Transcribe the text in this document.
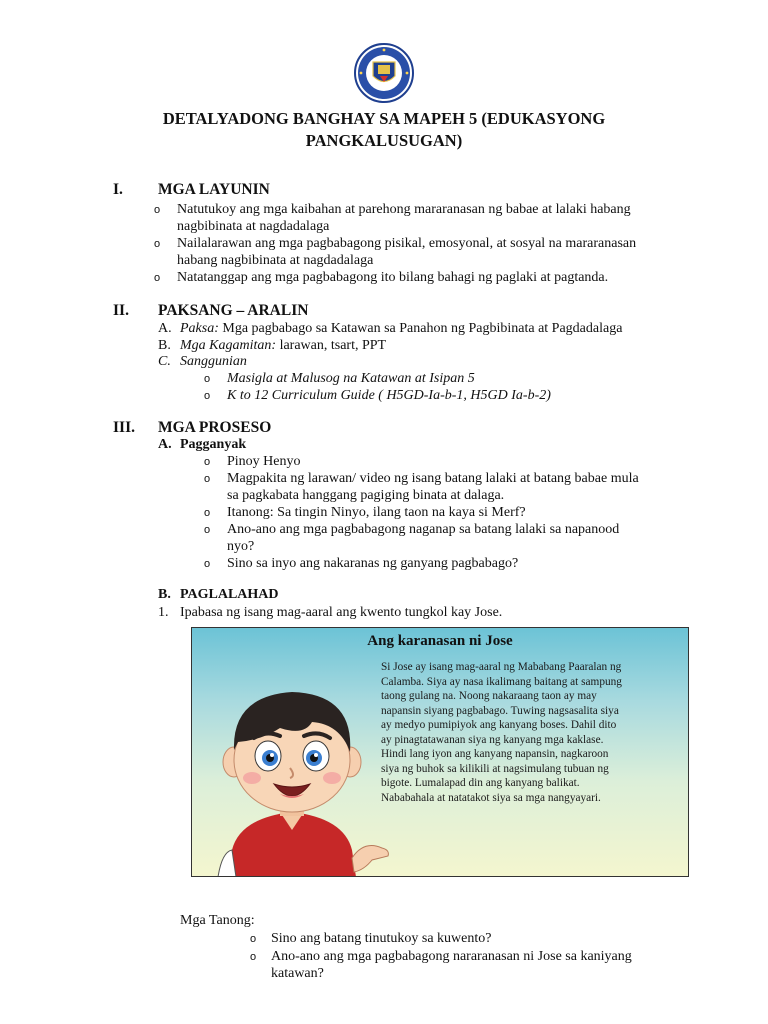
DETALYADONG BANGHAY SA MAPEH 5 (EDUKASYONG
PANGKALUSUGAN)
I. MGA LAYUNIN
o Natutukoy ang mga kaibahan at parehong mararanasan ng babae at lalaki habang
nagbibinata at nagdadalaga
o Nailalarawan ang mga pagbabagong pisikal, emosyonal, at sosyal na mararanasan
habang nagbibinata at nagdadalaga
o Natatanggap ang mga pagbabagong ito bilang bahagi ng paglaki at pagtanda.
II. PAKSANG – ARALIN
A. Paksa: Mga pagbabago sa Katawan sa Panahon ng Pagbibinata at Pagdadalaga
B. Mga Kagamitan: larawan, tsart, PPT
C. Sanggunian
o Masigla at Malusog na Katawan at Isipan 5
o K to 12 Curriculum Guide ( H5GD-Ia-b-1, H5GD Ia-b-2)
III. MGA PROSESO
A. Pagganyak
o Pinoy Henyo
o Magpakita ng larawan/ video ng isang batang lalaki at batang babae mula
sa pagkabata hanggang pagiging binata at dalaga.
o Itanong: Sa tingin Ninyo, ilang taon na kaya si Merf?
o Ano-ano ang mga pagbabagong naganap sa batang lalaki sa napanood
nyo?
o Sino sa inyo ang nakaranas ng ganyang pagbabago?
B. PAGLALAHAD
1. Ipabasa ng isang mag-aaral ang kwento tungkol kay Jose.
Ang karanasan ni Jose
Si Jose ay isang mag-aaral ng Mababang Paaralan ng
Calamba. Siya ay nasa ikalimang baitang at sampung
taong gulang na. Noong nakaraang taon ay may
napansin siyang pagbabago. Tuwing nagsasalita siya
ay medyo pumipiyok ang kanyang boses. Dahil dito
ay pinagtatawanan siya ng kanyang mga kaklase.
Hindi lang iyon ang kanyang napansin, nagkaroon
siya ng buhok sa kilikili at nagsimulang tubuan ng
bigote. Lumalapad din ang kanyang balikat.
Nababahala at natatakot siya sa mga nangyayari.
Mga Tanong:
o Sino ang batang tinutukoy sa kuwento?
o Ano-ano ang mga pagbabagong nararanasan ni Jose sa kaniyang
katawan?
